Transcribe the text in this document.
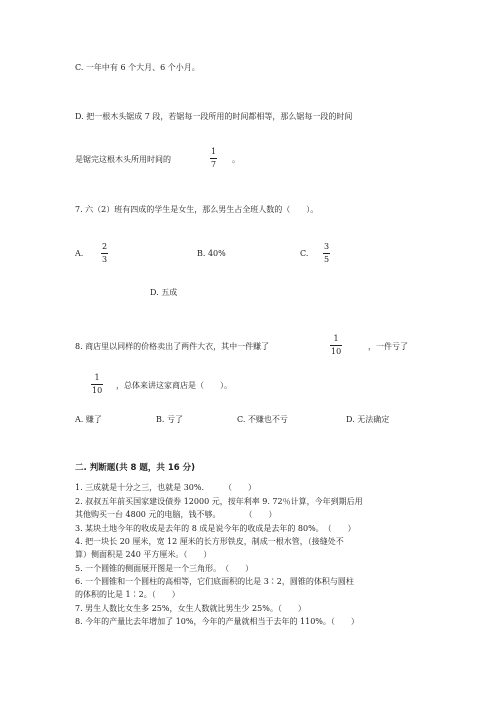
C. 一年中有 6 个大月、6 个小月。
D. 把一根木头锯成 7 段，若锯每一段所用的时间都相等，那么锯每一段的时间
是锯完这根木头所用时间的
1
7
。
7. 六（2）班有四成的学生是女生，那么男生占全班人数的（　　）。
A.
2
3
B. 40%	C.
3
5
D. 五成
8. 商店里以同样的价格卖出了两件大衣，其中一件赚了
1
10
，一件亏了
1
10
，总体来讲这家商店是（　　）。
A. 赚了	B. 亏了	C. 不赚也不亏	D. 无法确定
二. 判断题(共 8 题，共 16 分)
1. 三成就是十分之三，也就是 30%.　　　（　　）
2. 叔叔五年前买国家建设债券 12000 元，按年利率 9. 72％计算，今年到期后用
其他购买一台 4800 元的电脑，钱不够。　　　　（　　）
3. 某块土地今年的收成是去年的 8 成是说今年的收成是去年的 80%。　（　　）
4. 把一块长 20 厘米，宽 12 厘米的长方形铁皮，制成一根水管，（接缝处不
算）侧面积是 240 平方厘米。（　　）
5. 一个圆锥的侧面展开图是一个三角形。　（　　）
6. 一个圆锥和一个圆柱的高相等，它们底面积的比是 3∶2，圆锥的体积与圆柱
的体积的比是 1∶2。（　　）
7. 男生人数比女生多 25%，女生人数就比男生少 25%。（　　）
8. 今年的产量比去年增加了 10%，今年的产量就相当于去年的 110%。（　　）
